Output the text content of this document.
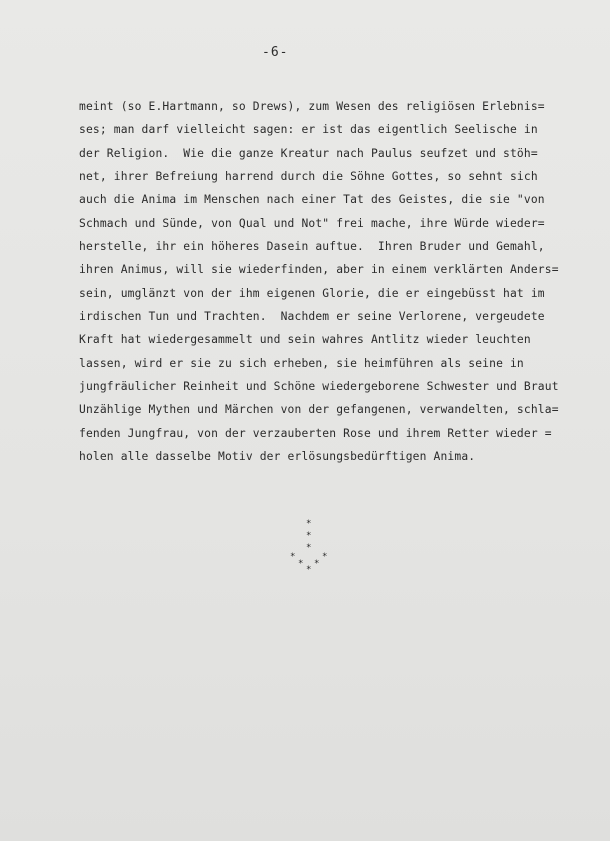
-6-
meint (so E.Hartmann, so Drews), zum Wesen des religiösen Erlebnis=
ses; man darf vielleicht sagen: er ist das eigentlich Seelische in
der Religion.  Wie die ganze Kreatur nach Paulus seufzet und stöh=
net, ihrer Befreiung harrend durch die Söhne Gottes, so sehnt sich
auch die Anima im Menschen nach einer Tat des Geistes, die sie "von
Schmach und Sünde, von Qual und Not" frei mache, ihre Würde wieder=
herstelle, ihr ein höheres Dasein auftue.  Ihren Bruder und Gemahl,
ihren Animus, will sie wiederfinden, aber in einem verklärten Anders=
sein, umglänzt von der ihm eigenen Glorie, die er eingebüsst hat im
irdischen Tun und Trachten.  Nachdem er seine Verlorene, vergeudete
Kraft hat wiedergesammelt und sein wahres Antlitz wieder leuchten
lassen, wird er sie zu sich erheben, sie heimführen als seine in
jungfräulicher Reinheit und Schöne wiedergeborene Schwester und Braut
Unzählige Mythen und Märchen von der gefangenen, verwandelten, schla=
fenden Jungfrau, von der verzauberten Rose und ihrem Retter wieder =
holen alle dasselbe Motiv der erlösungsbedürftigen Anima.
*
*
*
*	*
* *
*
